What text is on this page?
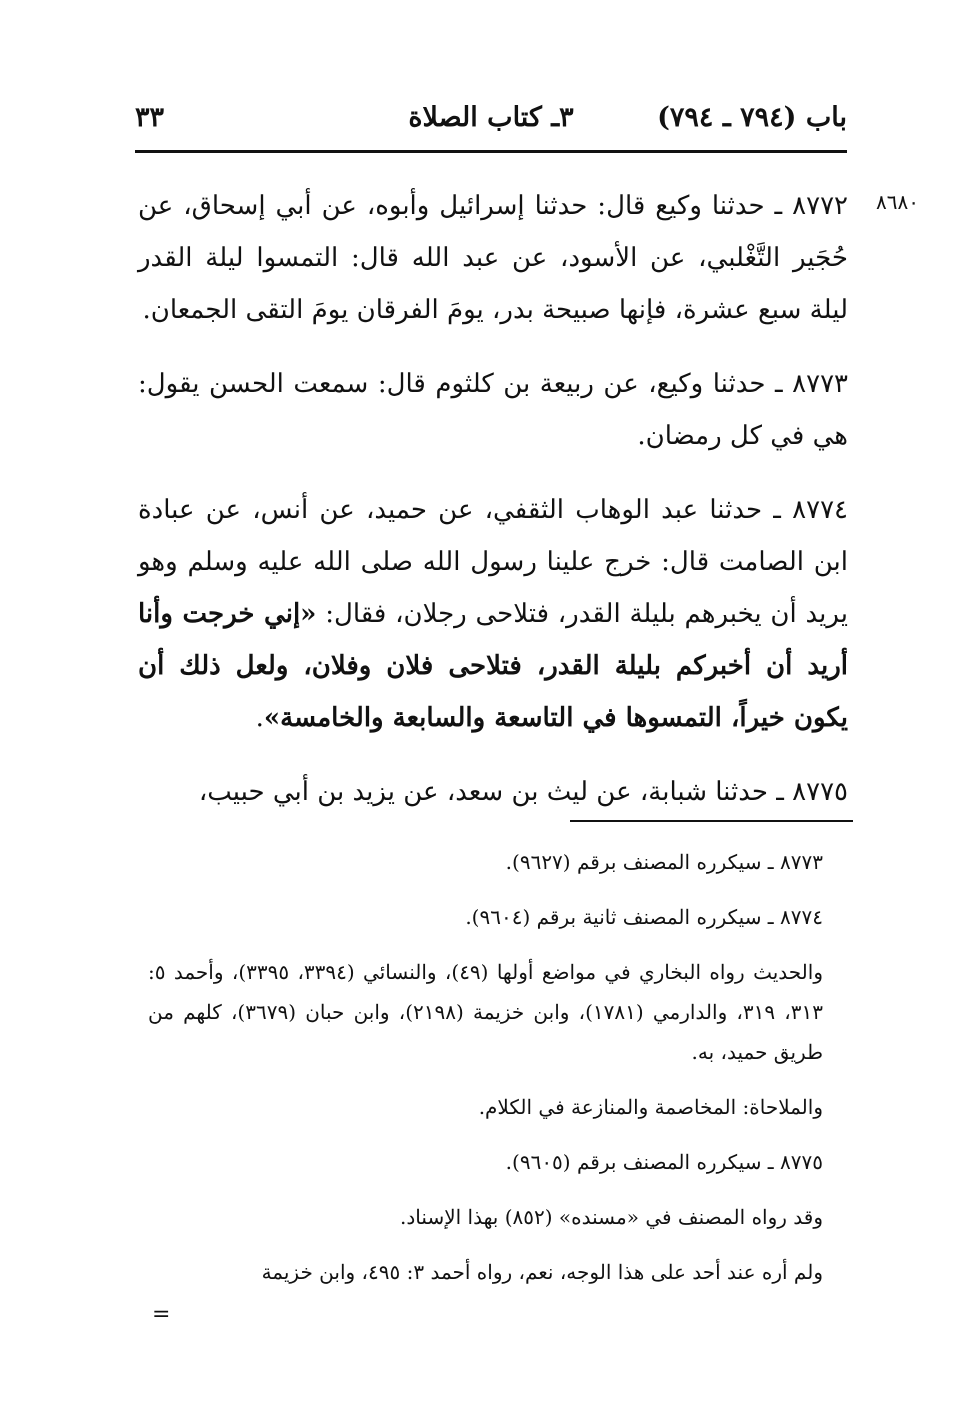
باب (٧٩٤ ـ ٧٩٤)
٣ـ كتاب الصلاة
٣٣
٨٦٨٠

٨٧٧٢ ـ حدثنا وكيع قال: حدثنا إسرائيل وأبوه، عن أبي إسحاق، عن حُجَير التَّغْلبي، عن الأسود، عن عبد الله قال: التمسوا ليلة القدر ليلة سبع عشرة، فإنها صبيحة بدر، يومَ الفرقان يومَ التقى الجمعان.

٨٧٧٣ ـ حدثنا وكيع، عن ربيعة بن كلثوم قال: سمعت الحسن يقول: هي في كل رمضان.

٨٧٧٤ ـ حدثنا عبد الوهاب الثقفي، عن حميد، عن أنس، عن عبادة ابن الصامت قال: خرج علينا رسول الله صلى الله عليه وسلم وهو يريد أن يخبرهم بليلة القدر، فتلاحى رجلان، فقال: «إني خرجت وأنا أريد أن أخبركم بليلة القدر، فتلاحى فلان وفلان، ولعل ذلك أن يكون خيراً، التمسوها في التاسعة والسابعة والخامسة».

٨٧٧٥ ـ حدثنا شبابة، عن ليث بن سعد، عن يزيد بن أبي حبيب،

٨٧٧٣ ـ سيكرره المصنف برقم (٩٦٢٧).

٨٧٧٤ ـ سيكرره المصنف ثانية برقم (٩٦٠٤).

والحديث رواه البخاري في مواضع أولها (٤٩)، والنسائي (٣٣٩٤، ٣٣٩٥)، وأحمد ٥: ٣١٣، ٣١٩، والدارمي (١٧٨١)، وابن خزيمة (٢١٩٨)، وابن حبان (٣٦٧٩)، كلهم من طريق حميد، به.

والملاحاة: المخاصمة والمنازعة في الكلام.

٨٧٧٥ ـ سيكرره المصنف برقم (٩٦٠٥).

وقد رواه المصنف في «مسنده» (٨٥٢) بهذا الإسناد.

ولم أره عند أحد على هذا الوجه، نعم، رواه أحمد ٣: ٤٩٥، وابن خزيمة

=
